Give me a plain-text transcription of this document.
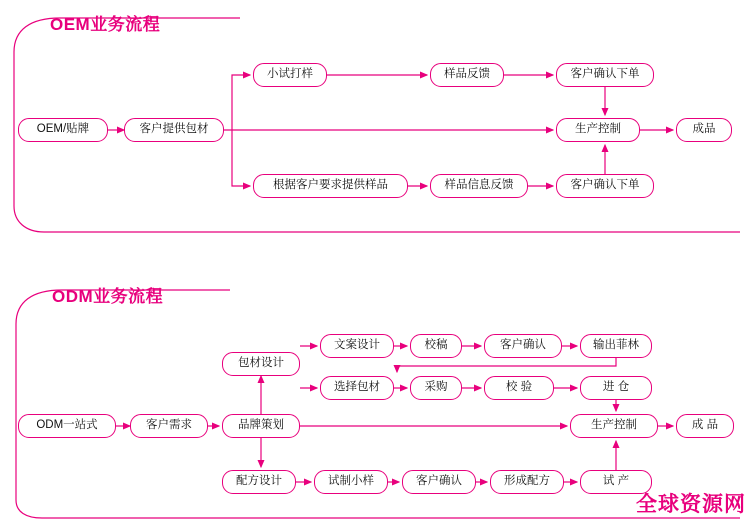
OEM业务流程
ODM业务流程
OEM/贴牌	客户提供包材
小试打样	样品反馈	客户确认下单
根据客户要求提供样品	样品信息反馈	客户确认下单
生产控制	成品
ODM一站式	客户需求	品牌策划
包材设计
文案设计	校稿	客户确认	输出菲林
选择包材	采购	校 验	进 仓
配方设计	试制小样	客户确认	形成配方	试 产
生产控制	成 品
全球资源网
